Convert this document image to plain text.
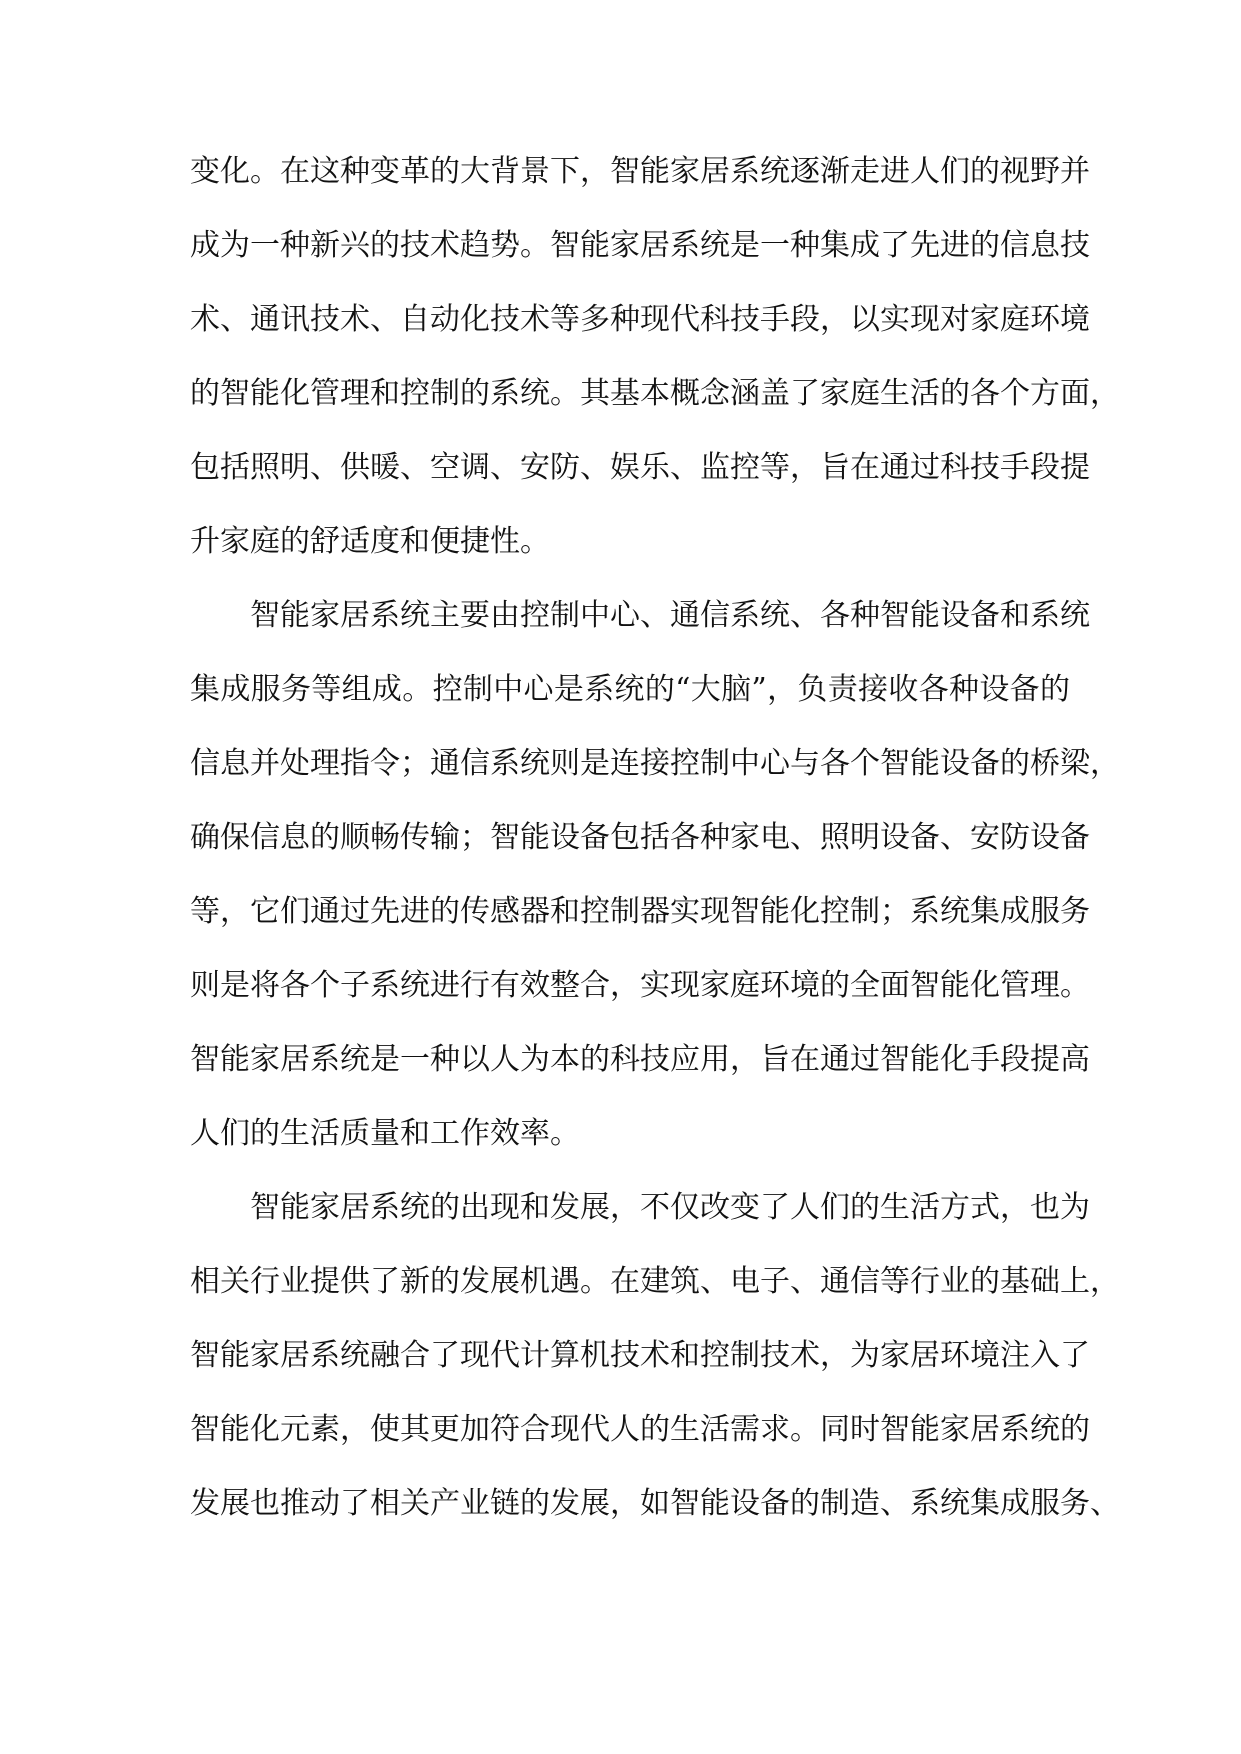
变化。在这种变革的大背景下，智能家居系统逐渐走进人们的视野并
成为一种新兴的技术趋势。智能家居系统是一种集成了先进的信息技
术、通讯技术、自动化技术等多种现代科技手段，以实现对家庭环境
的智能化管理和控制的系统。其基本概念涵盖了家庭生活的各个方面，
包括照明、供暖、空调、安防、娱乐、监控等，旨在通过科技手段提
升家庭的舒适度和便捷性。
智能家居系统主要由控制中心、通信系统、各种智能设备和系统
集成服务等组成。控制中心是系统的“大脑”，负责接收各种设备的
信息并处理指令；通信系统则是连接控制中心与各个智能设备的桥梁，
确保信息的顺畅传输；智能设备包括各种家电、照明设备、安防设备
等，它们通过先进的传感器和控制器实现智能化控制；系统集成服务
则是将各个子系统进行有效整合，实现家庭环境的全面智能化管理。
智能家居系统是一种以人为本的科技应用，旨在通过智能化手段提高
人们的生活质量和工作效率。
智能家居系统的出现和发展，不仅改变了人们的生活方式，也为
相关行业提供了新的发展机遇。在建筑、电子、通信等行业的基础上，
智能家居系统融合了现代计算机技术和控制技术，为家居环境注入了
智能化元素，使其更加符合现代人的生活需求。同时智能家居系统的
发展也推动了相关产业链的发展，如智能设备的制造、系统集成服务、
